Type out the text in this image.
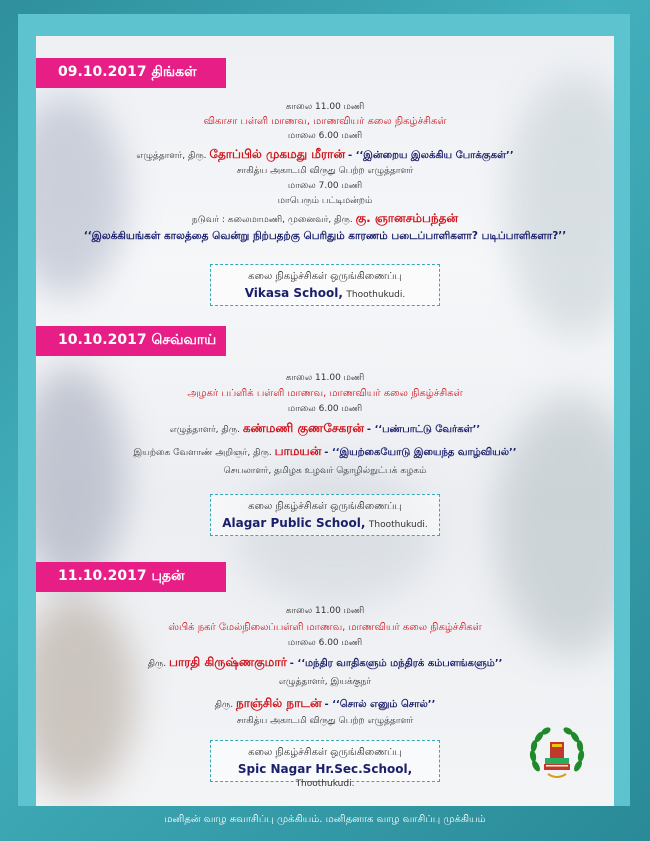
09.10.2017 திங்கள்
காலை 11.00 மணி
விகாசா பள்ளி மாணவ, மாணவியர் கலை நிகழ்ச்சிகள்
மாலை 6.00 மணி
எழுத்தாளர், திரு. தோப்பில் முகமது மீரான் - ‘‘இன்றைய இலக்கிய போக்குகள்’’
சாகித்ய அகாடமி விருது பெற்ற எழுத்தாளர்
மாலை 7.00 மணி
மாபெரும் பட்டிமன்றம்
நடுவர் : கலைமாமணி, முனைவர், திரு. கு. ஞானசம்பந்தன்
‘‘இலக்கியங்கள் காலத்தை வென்று நிற்பதற்கு பெரிதும் காரணம் படைப்பாளிகளா? படிப்பாளிகளா?’’
கலை நிகழ்ச்சிகள் ஒருங்கிணைப்பு
Vikasa School, Thoothukudi.
10.10.2017 செவ்வாய்
காலை 11.00 மணி
அழகர் பப்ளிக் பள்ளி மாணவ, மாணவியர் கலை நிகழ்ச்சிகள்
மாலை 6.00 மணி
எழுத்தாளர், திரு. கண்மணி குணசேகரன் - ‘‘பண்பாட்டு வேர்கள்’’
இயற்கை வேளாண் அறிஞர், திரு. பாமயன் - ‘‘இயற்கையோடு இயைந்த வாழ்வியல்’’
செயலாளர், தமிழக உழவர் தொழில்நுட்பக் கழகம்
கலை நிகழ்ச்சிகள் ஒருங்கிணைப்பு
Alagar Public School, Thoothukudi.
11.10.2017 புதன்
காலை 11.00 மணி
ஸ்பிக் நகர் மேல்நிலைப்பள்ளி மாணவ, மாணவியர் கலை நிகழ்ச்சிகள்
மாலை 6.00 மணி
திரு. பாரதி கிருஷ்ணகுமார் - ‘‘மந்திர வாதிகளும் மந்திரக் கம்பளங்களும்’’
எழுத்தாளர், இயக்குநர்
திரு. நாஞ்சில் நாடன் - ‘‘சொல் எனும் சொல்’’
சாகித்ய அகாடமி விருது பெற்ற எழுத்தாளர்
கலை நிகழ்ச்சிகள் ஒருங்கிணைப்பு
Spic Nagar Hr.Sec.School, Thoothukudi.
மனிதன் வாழ சுவாசிப்பு முக்கியம். மனிதனாக வாழ வாசிப்பு முக்கியம்
